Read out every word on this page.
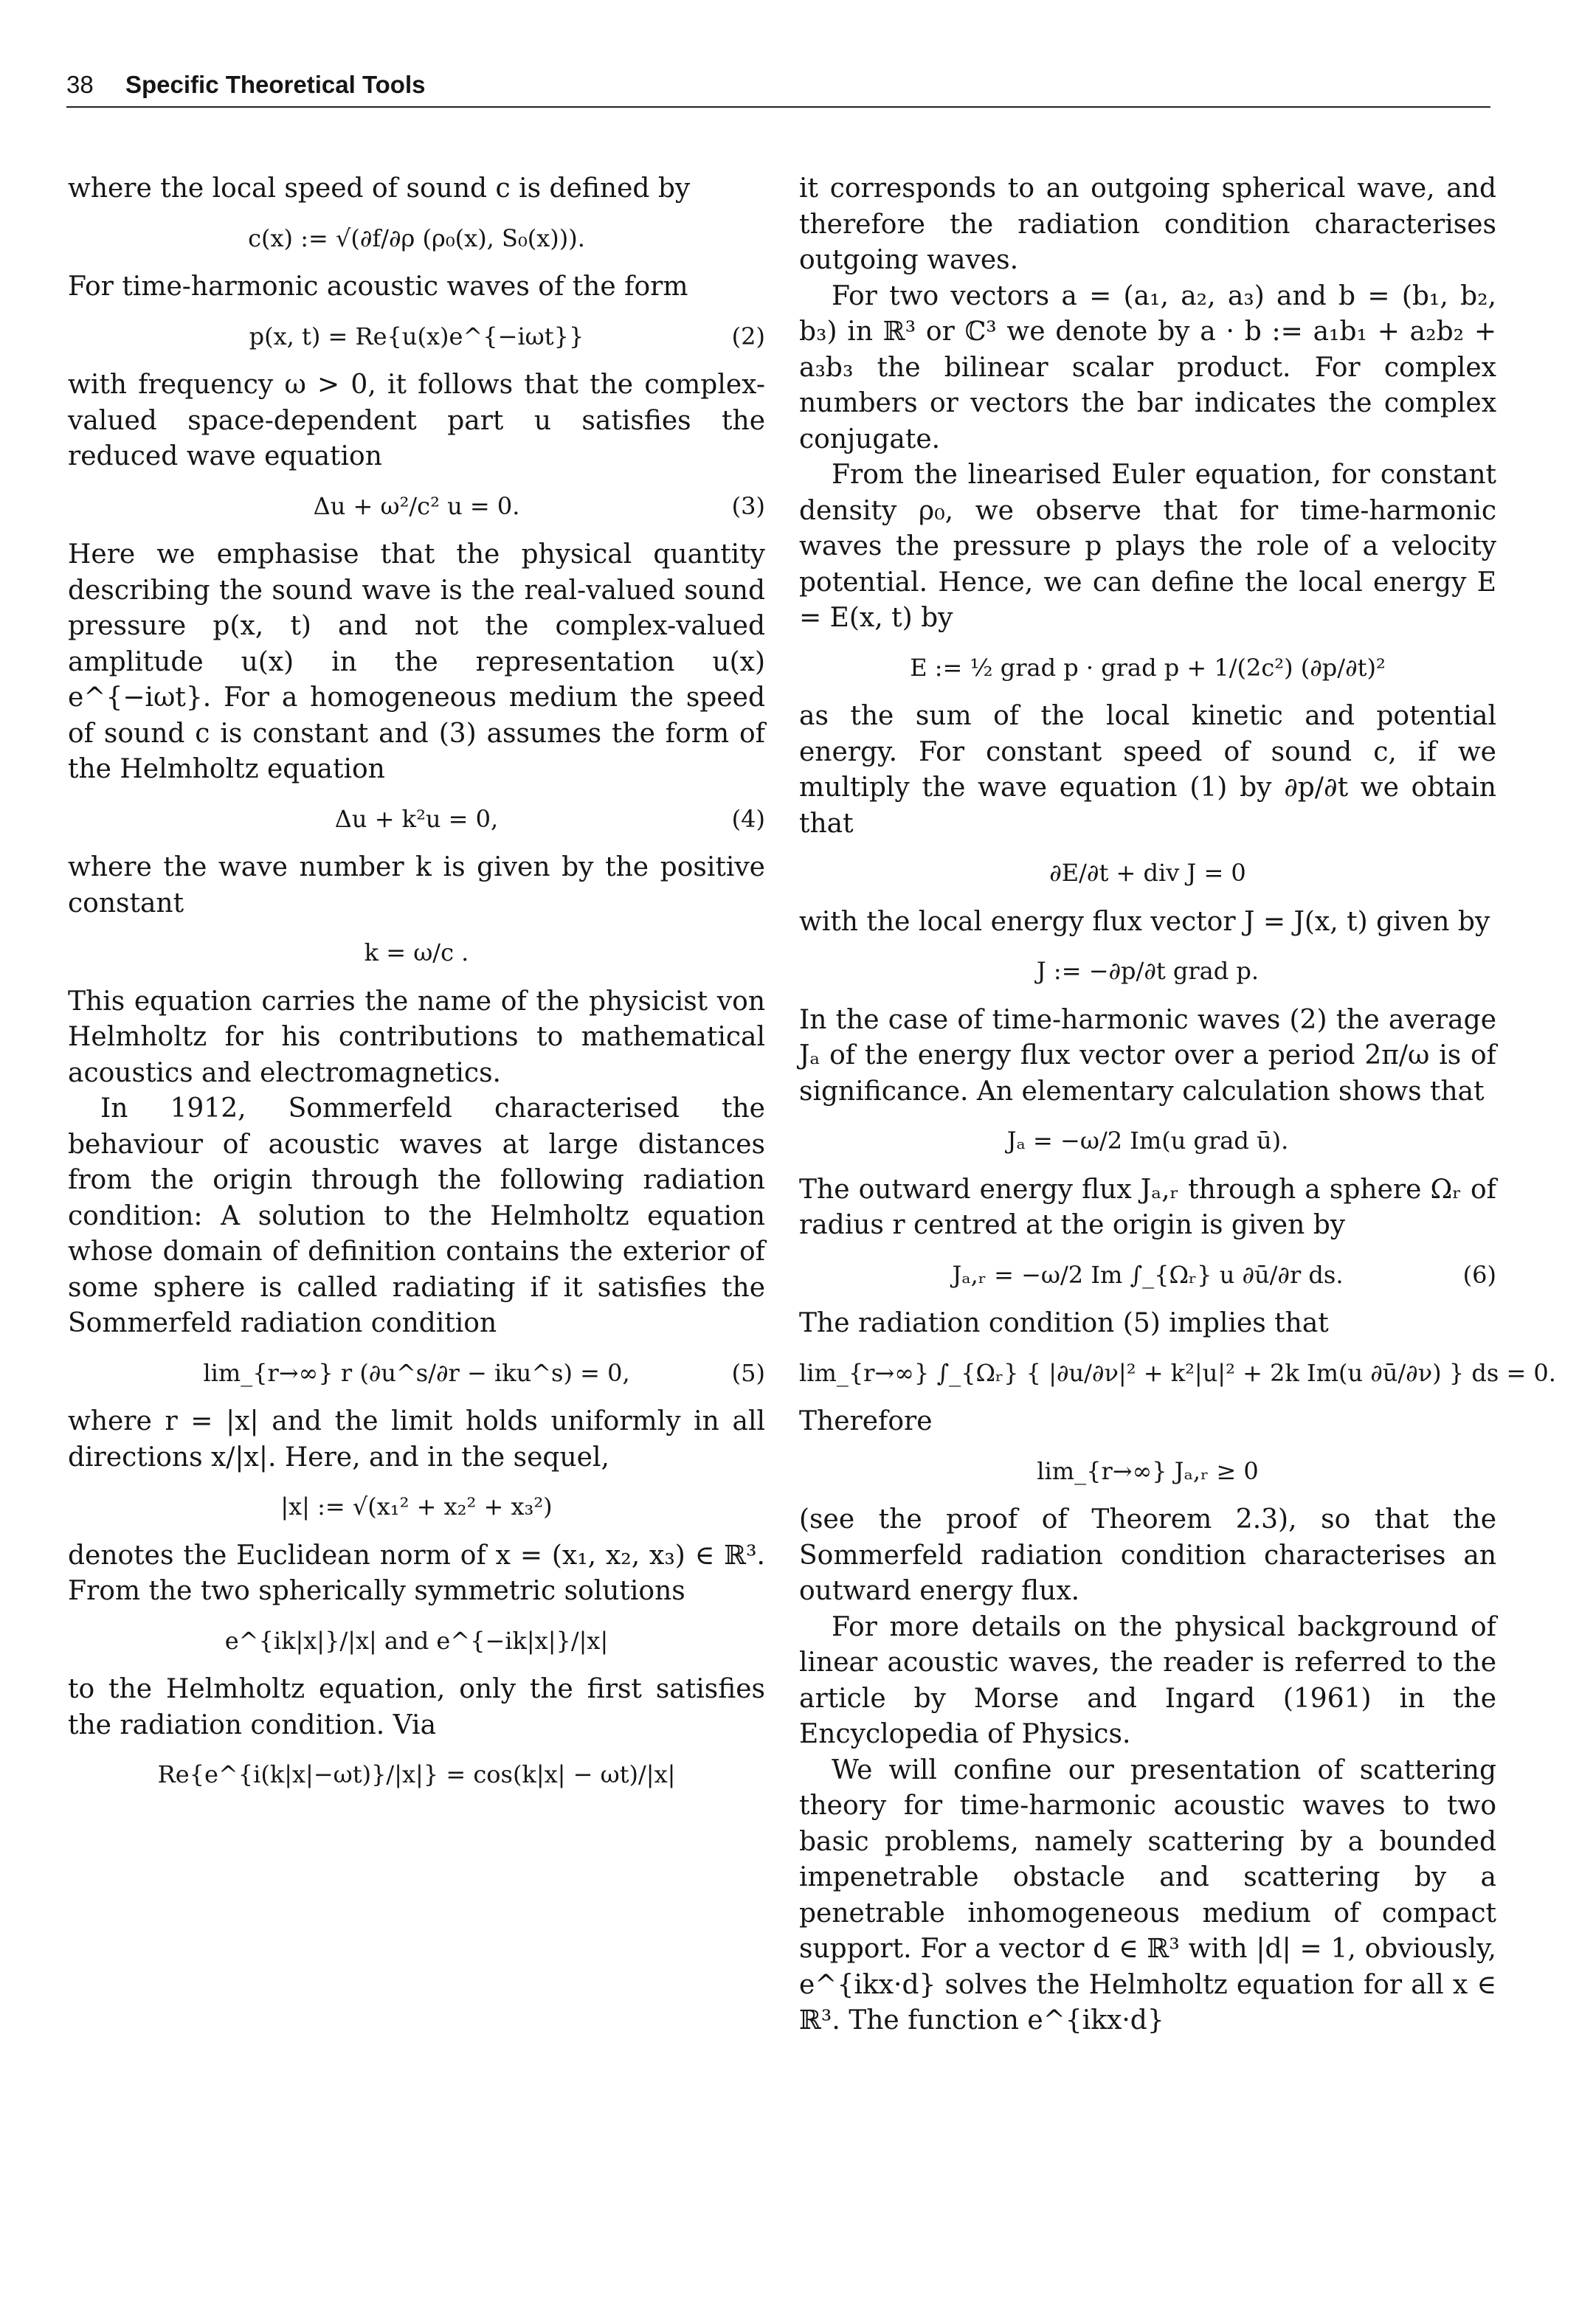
38 Specific Theoretical Tools

where the local speed of sound c is defined by

c(x) := √(∂f/∂ρ (ρ₀(x), S₀(x))).

For time-harmonic acoustic waves of the form

p(x, t) = Re{u(x)e^{−iωt}}	(2)

with frequency ω > 0, it follows that the complex-valued space-dependent part u satisfies the reduced wave equation

Δu + ω²/c² u = 0.	(3)

Here we emphasise that the physical quantity describing the sound wave is the real-valued sound pressure p(x, t) and not the complex-valued amplitude u(x) in the representation u(x) e^{−iωt}. For a homogeneous medium the speed of sound c is constant and (3) assumes the form of the Helmholtz equation

Δu + k²u = 0,	(4)

where the wave number k is given by the positive constant

k = ω/c .

This equation carries the name of the physicist von Helmholtz for his contributions to mathematical acoustics and electromagnetics.

In 1912, Sommerfeld characterised the behaviour of acoustic waves at large distances from the origin through the following radiation condition: A solution to the Helmholtz equation whose domain of definition contains the exterior of some sphere is called radiating if it satisfies the Sommerfeld radiation condition

lim_{r→∞} r (∂u^s/∂r − iku^s) = 0,	(5)

where r = |x| and the limit holds uniformly in all directions x/|x|. Here, and in the sequel,

|x| := √(x₁² + x₂² + x₃²)

denotes the Euclidean norm of x = (x₁, x₂, x₃) ∈ ℝ³. From the two spherically symmetric solutions

e^{ik|x|}/|x| and e^{−ik|x|}/|x|

to the Helmholtz equation, only the first satisfies the radiation condition. Via

Re{e^{i(k|x|−ωt)}/|x|} = cos(k|x| − ωt)/|x|

it corresponds to an outgoing spherical wave, and therefore the radiation condition characterises outgoing waves.

For two vectors a = (a₁, a₂, a₃) and b = (b₁, b₂, b₃) in ℝ³ or ℂ³ we denote by a · b := a₁b₁ + a₂b₂ + a₃b₃ the bilinear scalar product. For complex numbers or vectors the bar indicates the complex conjugate.

From the linearised Euler equation, for constant density ρ₀, we observe that for time-harmonic waves the pressure p plays the role of a velocity potential. Hence, we can define the local energy E = E(x, t) by

E := ½ grad p · grad p + 1/(2c²) (∂p/∂t)²

as the sum of the local kinetic and potential energy. For constant speed of sound c, if we multiply the wave equation (1) by ∂p/∂t we obtain that

∂E/∂t + div J = 0

with the local energy flux vector J = J(x, t) given by

J := −∂p/∂t grad p.

In the case of time-harmonic waves (2) the average Jₐ of the energy flux vector over a period 2π/ω is of significance. An elementary calculation shows that

Jₐ = −ω/2 Im(u grad ū).

The outward energy flux Jₐ,ᵣ through a sphere Ωᵣ of radius r centred at the origin is given by

Jₐ,ᵣ = −ω/2 Im ∫_{Ωᵣ} u ∂ū/∂r ds.	(6)

The radiation condition (5) implies that

lim_{r→∞} ∫_{Ωᵣ} { |∂u/∂ν|² + k²|u|² + 2k Im(u ∂ū/∂ν) } ds = 0.

Therefore

lim_{r→∞} Jₐ,ᵣ ≥ 0

(see the proof of Theorem 2.3), so that the Sommerfeld radiation condition characterises an outward energy flux.

For more details on the physical background of linear acoustic waves, the reader is referred to the article by Morse and Ingard (1961) in the Encyclopedia of Physics.

We will confine our presentation of scattering theory for time-harmonic acoustic waves to two basic problems, namely scattering by a bounded impenetrable obstacle and scattering by a penetrable inhomogeneous medium of compact support. For a vector d ∈ ℝ³ with |d| = 1, obviously, e^{ikx·d} solves the Helmholtz equation for all x ∈ ℝ³. The function e^{ikx·d}
